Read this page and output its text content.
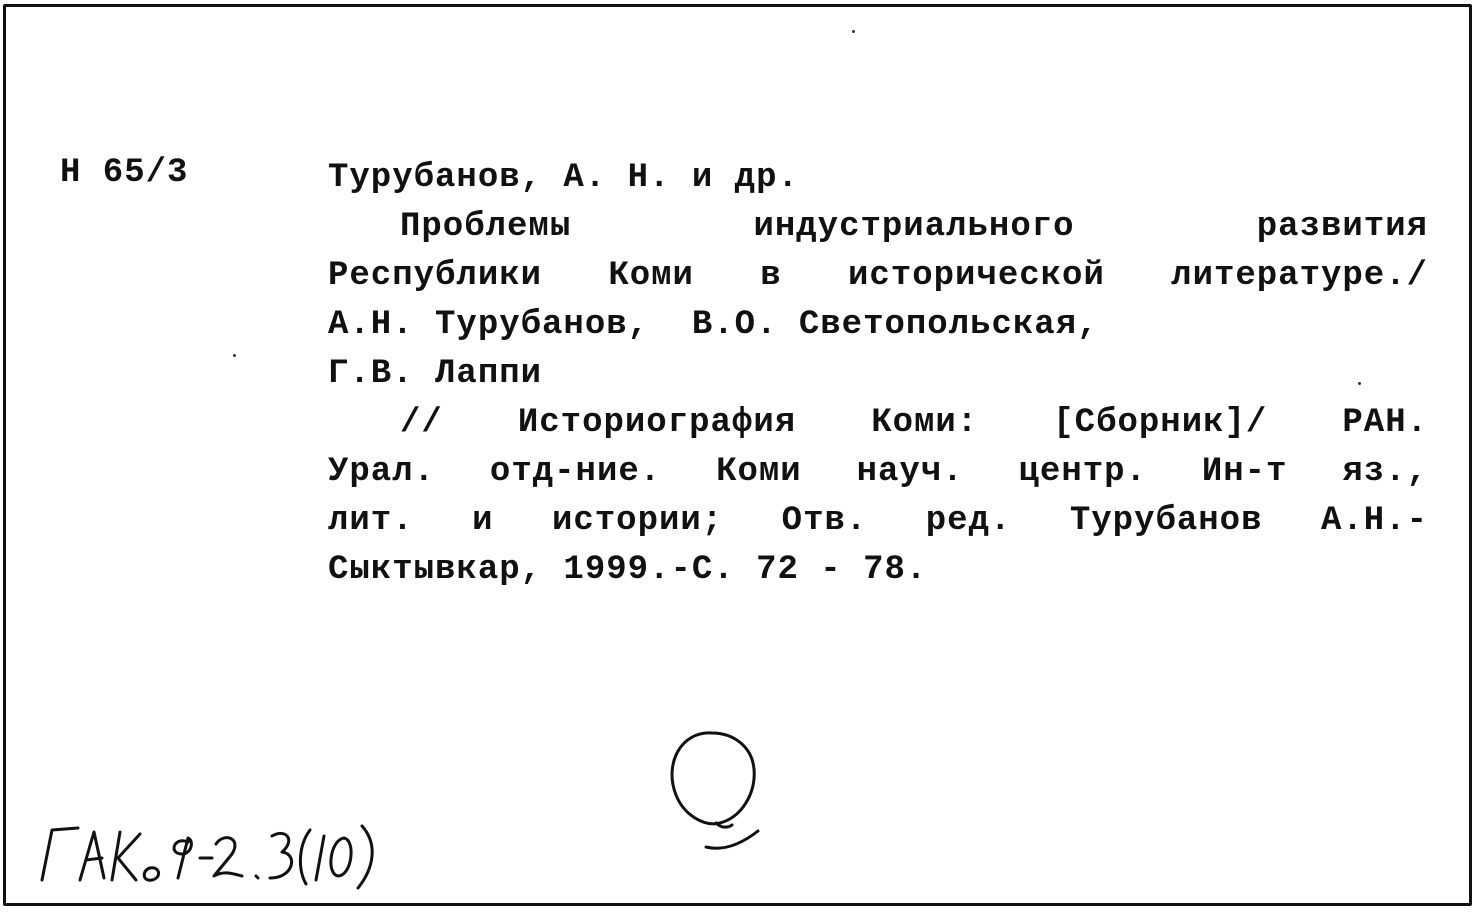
Н 65/3	Турубанов, А. Н. и др.
Проблемы индустриального развития
Республики Коми в исторической литературе./
А.Н. Турубанов,  В.О. Светопольская,
Г.В. Лаппи
// Историография Коми: [Сборник]/ РАН.
Урал. отд-ние. Коми науч. центр. Ин-т яз.,
лит. и истории; Отв. ред. Турубанов А.Н.-
Сыктывкар, 1999.-С. 72 - 78.
